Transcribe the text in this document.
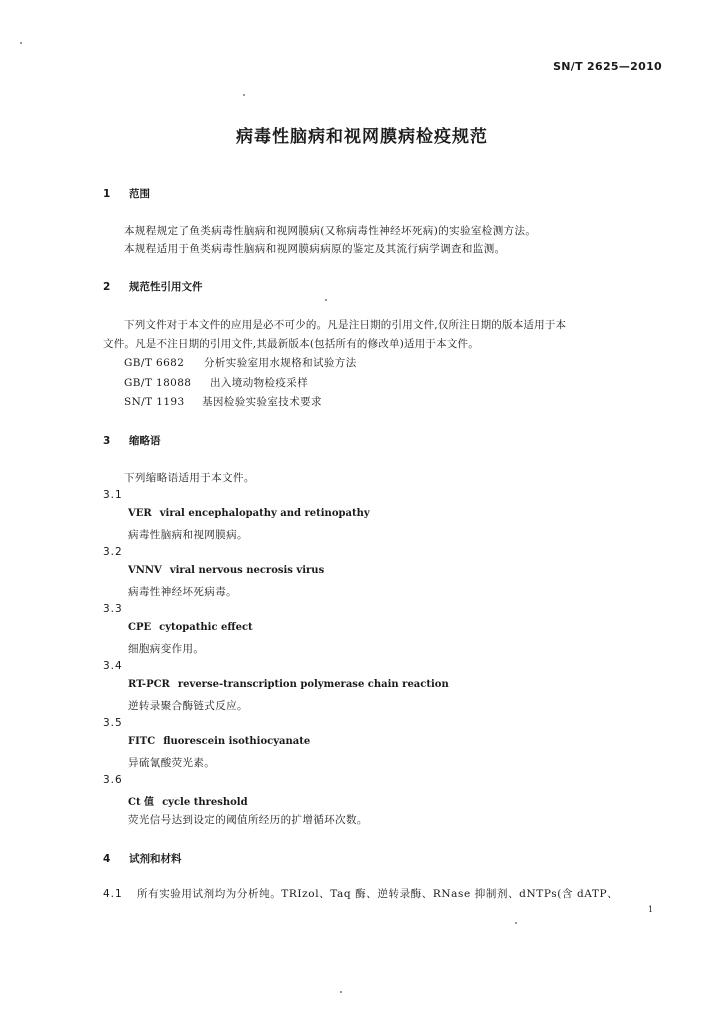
SN/T 2625—2010
病毒性脑病和视网膜病检疫规范
1 范围
本规程规定了鱼类病毒性脑病和视网膜病(又称病毒性神经坏死病)的实验室检测方法。
本规程适用于鱼类病毒性脑病和视网膜病病原的鉴定及其流行病学调查和监测。
2 规范性引用文件
下列文件对于本文件的应用是必不可少的。凡是注日期的引用文件,仅所注日期的版本适用于本
文件。凡是不注日期的引用文件,其最新版本(包括所有的修改单)适用于本文件。
GB/T 6682 分析实验室用水规格和试验方法
GB/T 18088 出入境动物检疫采样
SN/T 1193 基因检验实验室技术要求
3 缩略语
下列缩略语适用于本文件。
3.1
VER viral encephalopathy and retinopathy
病毒性脑病和视网膜病。
3.2
VNNV viral nervous necrosis virus
病毒性神经坏死病毒。
3.3
CPE cytopathic effect
细胞病变作用。
3.4
RT-PCR reverse-transcription polymerase chain reaction
逆转录聚合酶链式反应。
3.5
FITC fluorescein isothiocyanate
异硫氰酸荧光素。
3.6
Ct 值 cycle threshold
荧光信号达到设定的阈值所经历的扩增循环次数。
4 试剂和材料
4.1 所有实验用试剂均为分析纯。TRIzol、Taq 酶、逆转录酶、RNase 抑制剂、dNTPs(含 dATP、
1
